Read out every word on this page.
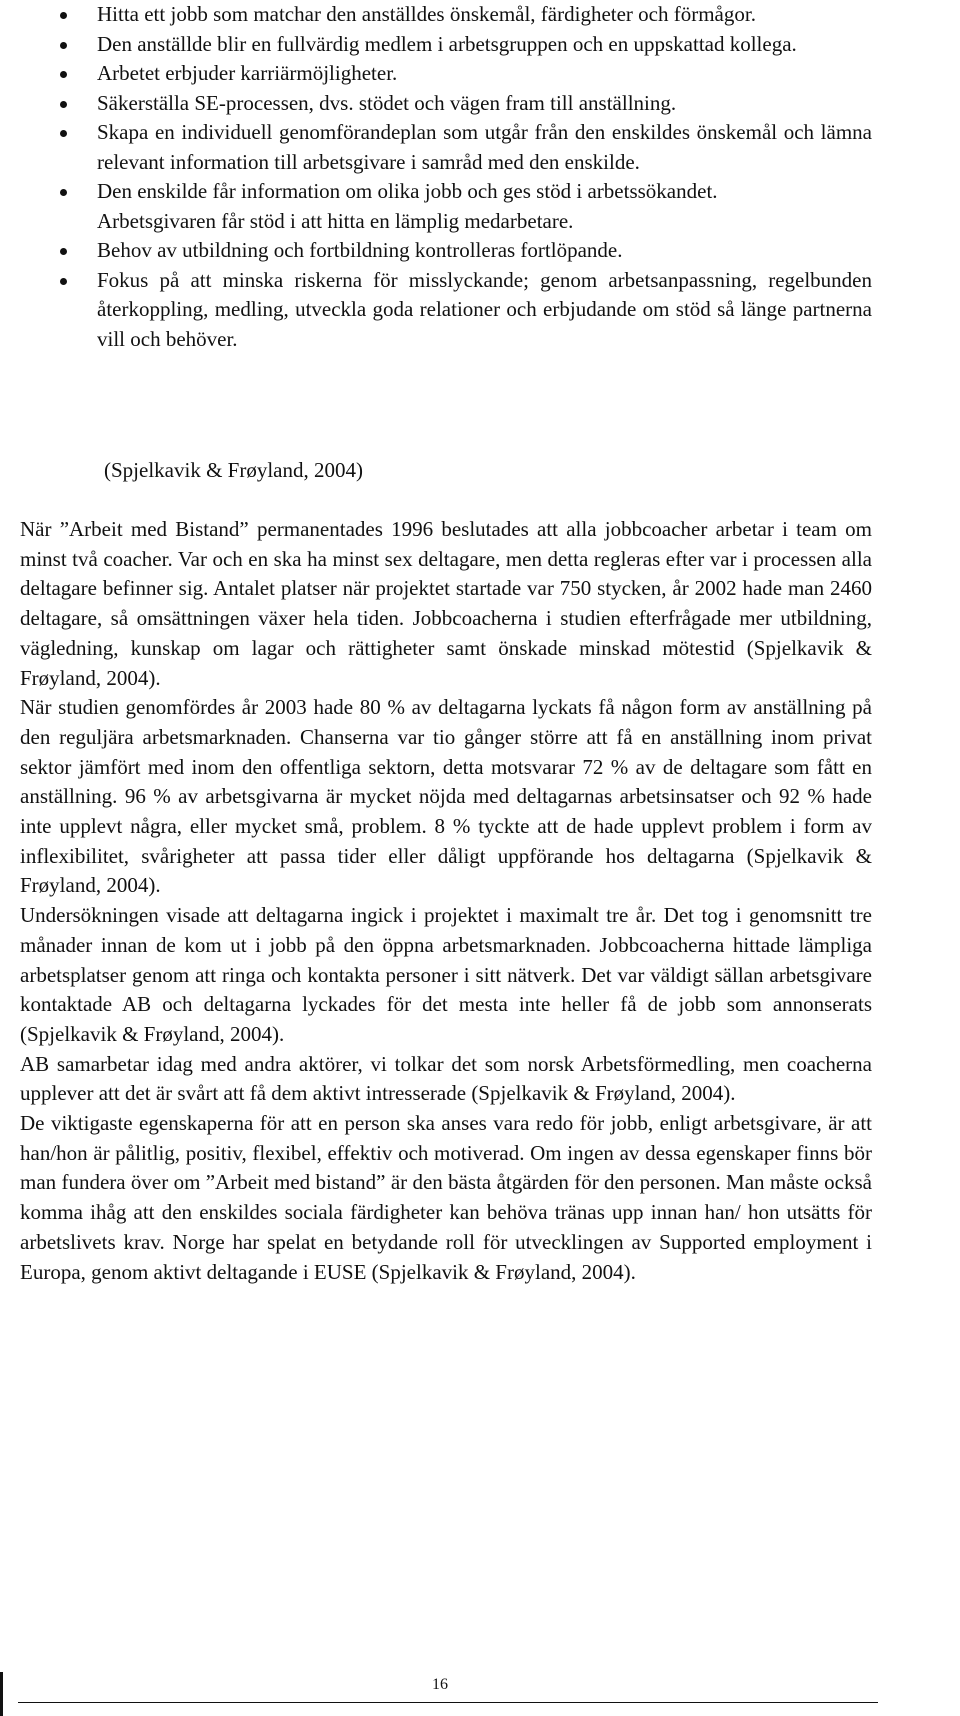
Hitta ett jobb som matchar den anställdes önskemål, färdigheter och förmågor.
Den anställde blir en fullvärdig medlem i arbetsgruppen och en uppskattad kollega.
Arbetet erbjuder karriärmöjligheter.
Säkerställa SE-processen, dvs. stödet och vägen fram till anställning.
Skapa en individuell genomförandeplan som utgår från den enskildes önskemål och lämna relevant information till arbetsgivare i samråd med den enskilde.
Den enskilde får information om olika jobb och ges stöd i arbetssökandet.
Arbetsgivaren får stöd i att hitta en lämplig medarbetare.
Behov av utbildning och fortbildning kontrolleras fortlöpande.
Fokus på att minska riskerna för misslyckande; genom arbetsanpassning, regelbunden återkoppling, medling, utveckla goda relationer och erbjudande om stöd så länge partnerna vill och behöver.

(Spjelkavik & Frøyland, 2004)

När ”Arbeit med Bistand” permanentades 1996 beslutades att alla jobbcoacher arbetar i team om minst två coacher. Var och en ska ha minst sex deltagare, men detta regleras efter var i processen alla deltagare befinner sig. Antalet platser när projektet startade var 750 stycken, år 2002 hade man 2460 deltagare, så omsättningen växer hela tiden. Jobbcoacherna i studien efterfrågade mer utbildning, vägledning, kunskap om lagar och rättigheter samt önskade minskad mötestid (Spjelkavik & Frøyland, 2004).

När studien genomfördes år 2003 hade 80 % av deltagarna lyckats få någon form av anställning på den reguljära arbetsmarknaden. Chanserna var tio gånger större att få en anställning inom privat sektor jämfört med inom den offentliga sektorn, detta motsvarar 72 % av de deltagare som fått en anställning. 96 % av arbetsgivarna är mycket nöjda med deltagarnas arbetsinsatser och 92 % hade inte upplevt några, eller mycket små, problem. 8 % tyckte att de hade upplevt problem i form av inflexibilitet, svårigheter att passa tider eller dåligt uppförande hos deltagarna (Spjelkavik & Frøyland, 2004).

Undersökningen visade att deltagarna ingick i projektet i maximalt tre år. Det tog i genomsnitt tre månader innan de kom ut i jobb på den öppna arbetsmarknaden. Jobbcoacherna hittade lämpliga arbetsplatser genom att ringa och kontakta personer i sitt nätverk. Det var väldigt sällan arbetsgivare kontaktade AB och deltagarna lyckades för det mesta inte heller få de jobb som annonserats (Spjelkavik & Frøyland, 2004).

AB samarbetar idag med andra aktörer, vi tolkar det som norsk Arbetsförmedling, men coacherna upplever att det är svårt att få dem aktivt intresserade (Spjelkavik & Frøyland, 2004).

De viktigaste egenskaperna för att en person ska anses vara redo för jobb, enligt arbetsgivare, är att han/hon är pålitlig, positiv, flexibel, effektiv och motiverad. Om ingen av dessa egenskaper finns bör man fundera över om ”Arbeit med bistand” är den bästa åtgärden för den personen. Man måste också komma ihåg att den enskildes sociala färdigheter kan behöva tränas upp innan han/ hon utsätts för arbetslivets krav. Norge har spelat en betydande roll för utvecklingen av Supported employment i Europa, genom aktivt deltagande i EUSE (Spjelkavik & Frøyland, 2004).

16
